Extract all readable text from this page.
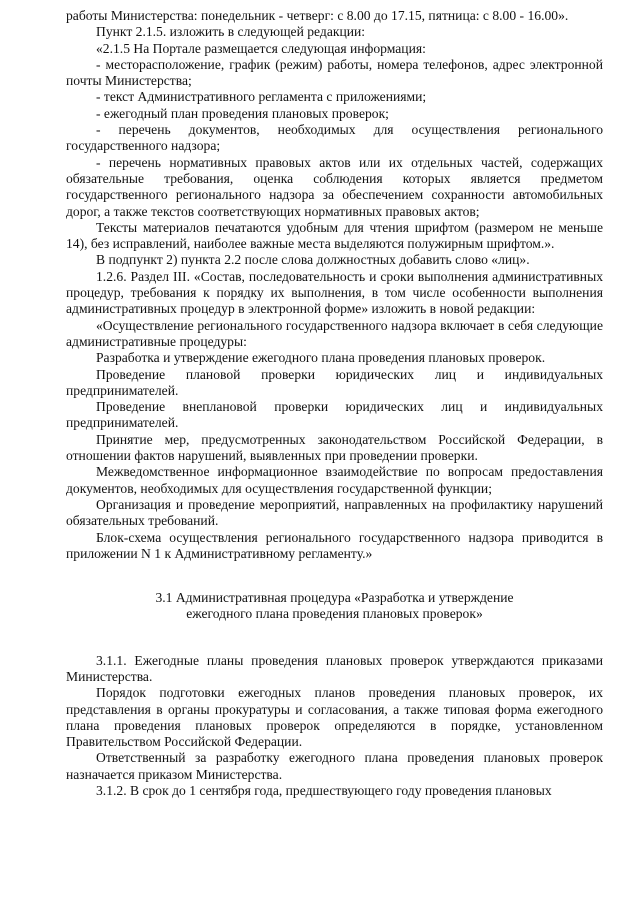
работы Министерства: понедельник - четверг: с 8.00 до 17.15, пятница: с 8.00 - 16.00».

Пункт 2.1.5. изложить в следующей редакции:

«2.1.5 На Портале размещается следующая информация:

- месторасположение, график (режим) работы, номера телефонов, адрес электронной почты Министерства;

- текст Административного регламента с приложениями;

- ежегодный план проведения плановых проверок;

- перечень документов, необходимых для осуществления регионального государственного надзора;

- перечень нормативных правовых актов или их отдельных частей, содержащих обязательные требования, оценка соблюдения которых является предметом государственного регионального надзора за обеспечением сохранности автомобильных дорог, а также текстов соответствующих нормативных правовых актов;

Тексты материалов печатаются удобным для чтения шрифтом (размером не меньше 14), без исправлений, наиболее важные места выделяются полужирным шрифтом.».

В подпункт 2) пункта 2.2 после слова должностных добавить слово «лиц».

1.2.6. Раздел III. «Состав, последовательность и сроки выполнения административных процедур, требования к порядку их выполнения, в том числе особенности выполнения административных процедур в электронной форме» изложить в новой редакции:

«Осуществление регионального государственного надзора включает в себя следующие административные процедуры:

Разработка и утверждение ежегодного плана проведения плановых проверок.

Проведение плановой проверки юридических лиц и индивидуальных предпринимателей.

Проведение внеплановой проверки юридических лиц и индивидуальных предпринимателей.

Принятие мер, предусмотренных законодательством Российской Федерации, в отношении фактов нарушений, выявленных при проведении проверки.

Межведомственное информационное взаимодействие по вопросам предоставления документов, необходимых для осуществления государственной функции;

Организация и проведение мероприятий, направленных на профилактику нарушений обязательных требований.

Блок-схема осуществления регионального государственного надзора приводится в приложении N 1 к Административному регламенту.»

3.1 Административная процедура «Разработка и утверждение
ежегодного плана проведения плановых проверок»

3.1.1. Ежегодные планы проведения плановых проверок утверждаются приказами Министерства.

Порядок подготовки ежегодных планов проведения плановых проверок, их представления в органы прокуратуры и согласования, а также типовая форма ежегодного плана проведения плановых проверок определяются в порядке, установленном Правительством Российской Федерации.

Ответственный за разработку ежегодного плана проведения плановых проверок назначается приказом Министерства.

3.1.2. В срок до 1 сентября года, предшествующего году проведения плановых
